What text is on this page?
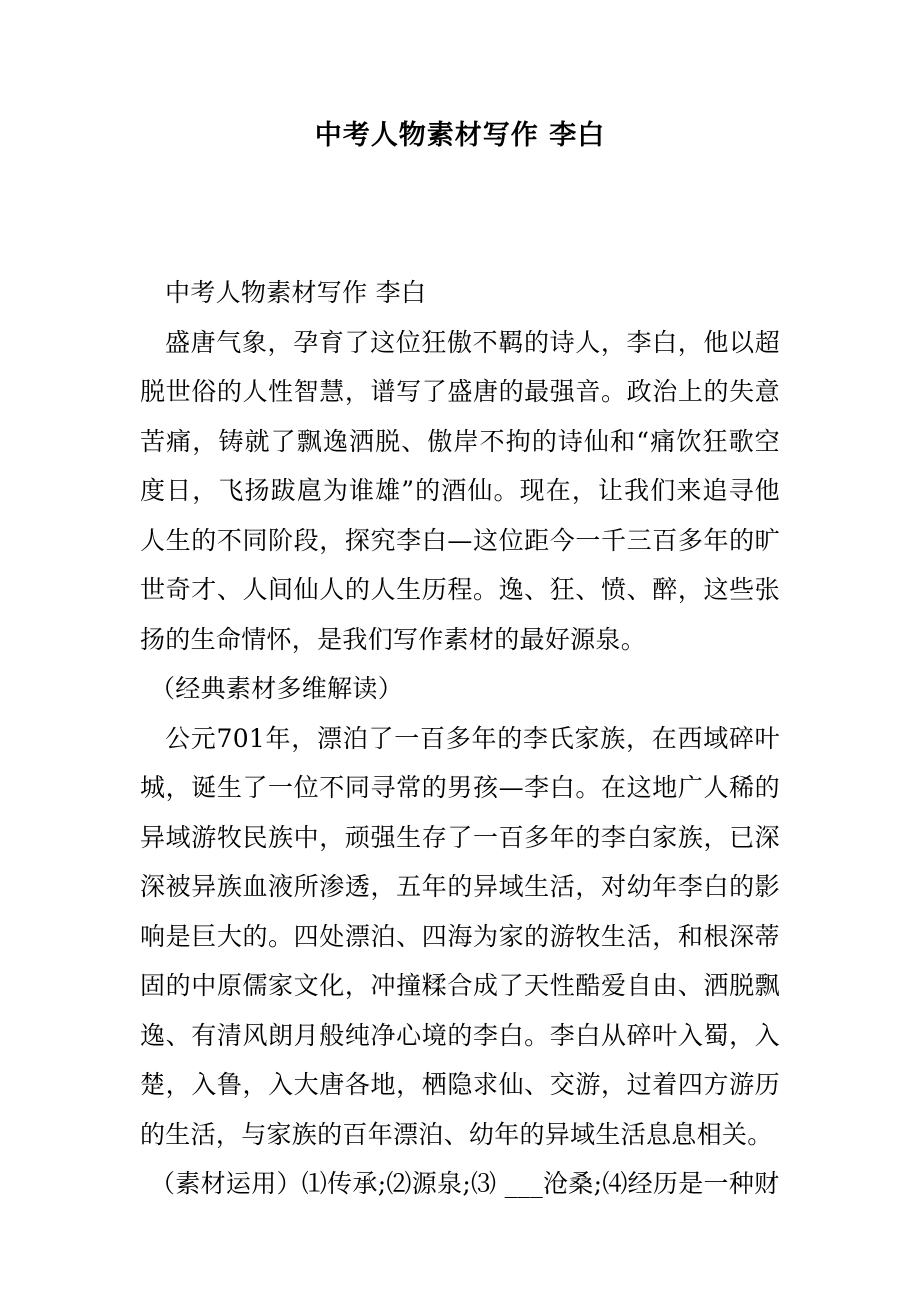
中考人物素材写作 李白

中考人物素材写作 李白

盛唐气象，孕育了这位狂傲不羁的诗人，李白，他以超脱世俗的人性智慧，谱写了盛唐的最强音。政治上的失意苦痛，铸就了飘逸洒脱、傲岸不拘的诗仙和“痛饮狂歌空度日，飞扬跋扈为谁雄”的酒仙。现在，让我们来追寻他人生的不同阶段，探究李白—这位距今一千三百多年的旷世奇才、人间仙人的人生历程。逸、狂、愤、醉，这些张扬的生命情怀，是我们写作素材的最好源泉。

（经典素材多维解读）

公元701年，漂泊了一百多年的李氏家族，在西域碎叶城，诞生了一位不同寻常的男孩—李白。在这地广人稀的异域游牧民族中，顽强生存了一百多年的李白家族，已深深被异族血液所渗透，五年的异域生活，对幼年李白的影响是巨大的。四处漂泊、四海为家的游牧生活，和根深蒂固的中原儒家文化，冲撞糅合成了天性酷爱自由、洒脱飘逸、有清风朗月般纯净心境的李白。李白从碎叶入蜀，入楚，入鲁，入大唐各地，栖隐求仙、交游，过着四方游历的生活，与家族的百年漂泊、幼年的异域生活息息相关。

（素材运用）⑴传承;⑵源泉;⑶ ___沧桑;⑷经历是一种财
